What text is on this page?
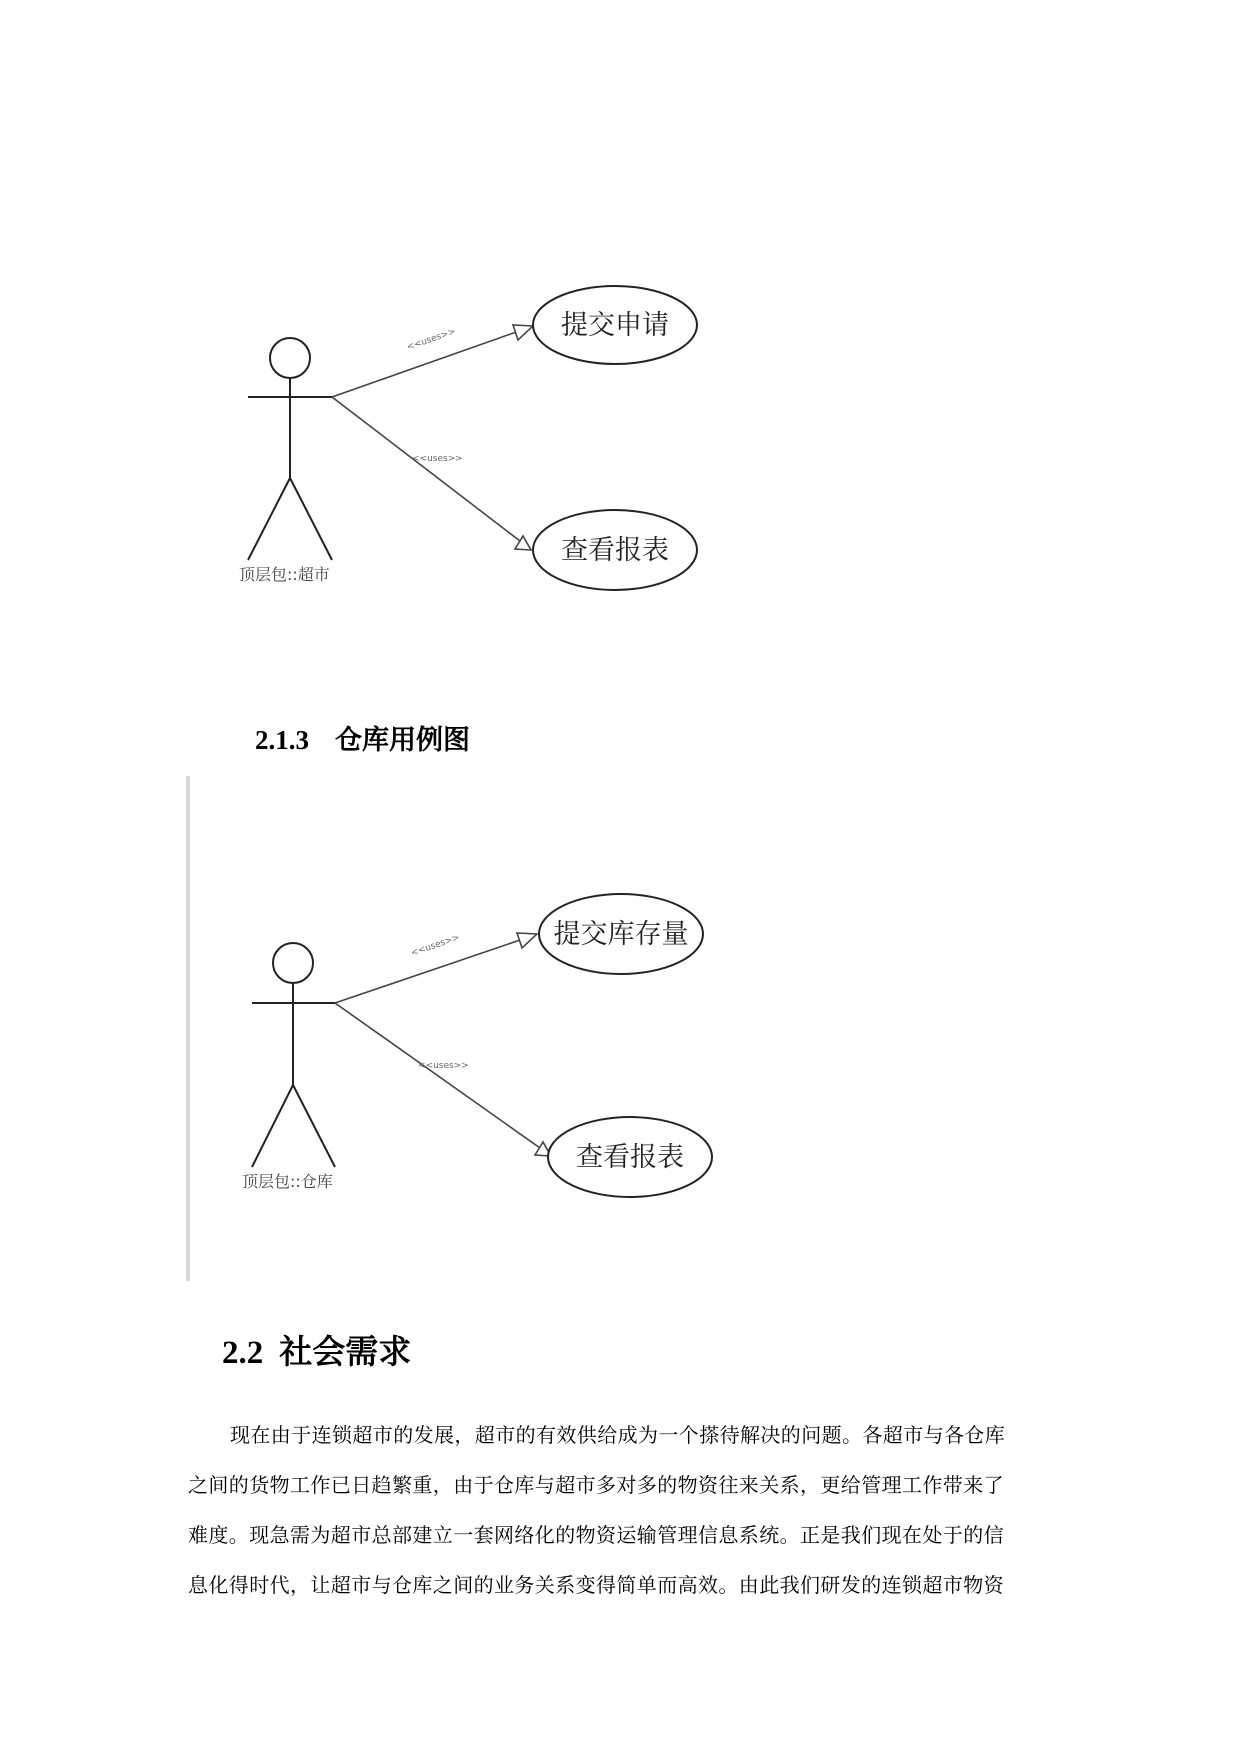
顶层包::超市
<<uses>>
<<uses>>
提交申请
查看报表
2.1.3 仓库用例图
顶层包::仓库
<<uses>>
<<uses>>
提交库存量
查看报表
2.2 社会需求

现在由于连锁超市的发展，超市的有效供给成为一个搽待解决的问题。各超市与各仓库
之间的货物工作已日趋繁重，由于仓库与超市多对多的物资往来关系，更给管理工作带来了
难度。现急需为超市总部建立一套网络化的物资运输管理信息系统。正是我们现在处于的信
息化得时代，让超市与仓库之间的业务关系变得简单而高效。由此我们研发的连锁超市物资
